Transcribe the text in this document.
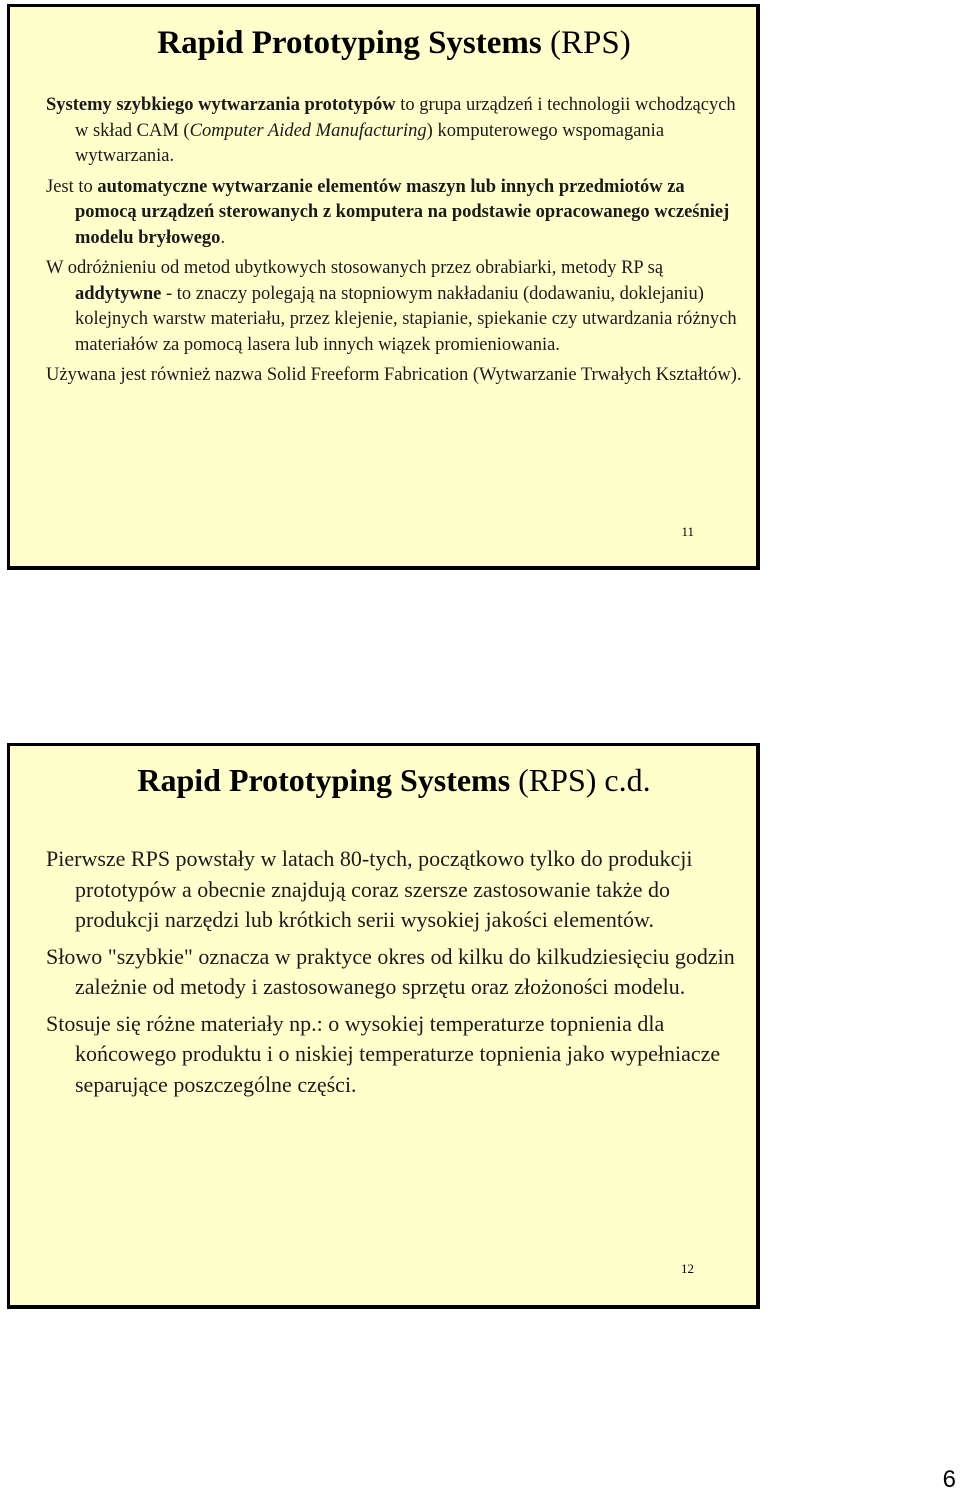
Rapid Prototyping Systems (RPS)

Systemy szybkiego wytwarzania prototypów to grupa urządzeń i technologii wchodzących w skład CAM (Computer Aided Manufacturing) komputerowego wspomagania wytwarzania.

Jest to automatyczne wytwarzanie elementów maszyn lub innych przedmiotów za pomocą urządzeń sterowanych z komputera na podstawie opracowanego wcześniej modelu bryłowego.

W odróżnieniu od metod ubytkowych stosowanych przez obrabiarki, metody RP są addytywne - to znaczy polegają na stopniowym nakładaniu (dodawaniu, doklejaniu) kolejnych warstw materiału, przez klejenie, stapianie, spiekanie czy utwardzania różnych materiałów za pomocą lasera lub innych wiązek promieniowania.

Używana jest również nazwa Solid Freeform Fabrication (Wytwarzanie Trwałych Kształtów).

11
Rapid Prototyping Systems (RPS) c.d.

Pierwsze RPS powstały w latach 80-tych, początkowo tylko do produkcji prototypów a obecnie znajdują coraz szersze zastosowanie także do produkcji narzędzi lub krótkich serii wysokiej jakości elementów.

Słowo "szybkie" oznacza w praktyce okres od kilku do kilkudziesięciu godzin zależnie od metody i zastosowanego sprzętu oraz złożoności modelu.

Stosuje się różne materiały np.: o wysokiej temperaturze topnienia dla końcowego produktu i o niskiej temperaturze topnienia jako wypełniacze separujące poszczególne części.

12
6
